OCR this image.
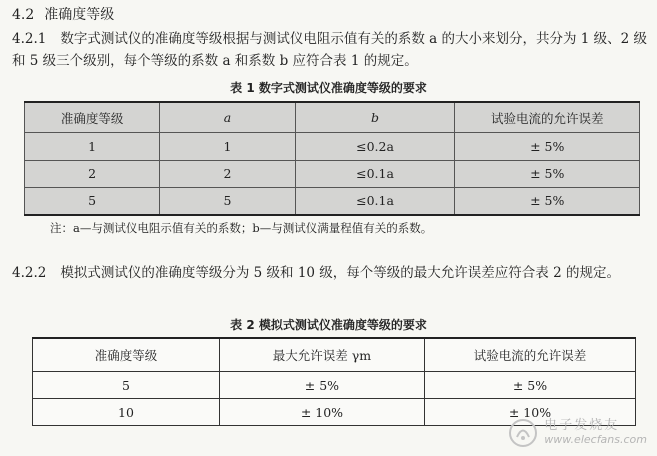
4.2 准确度等级
4.2.1 数字式测试仪的准确度等级根据与测试仪电阻示值有关的系数 a 的大小来划分，共分为 1 级、2 级和 5 级三个级别，每个等级的系数 a 和系数 b 应符合表 1 的规定。
表 1 数字式测试仪准确度等级的要求
准确度等级	a	b	试验电流的允许误差
1	1	≤0.2a	± 5%
2	2	≤0.1a	± 5%
5	5	≤0.1a	± 5%
注：a—与测试仪电阻示值有关的系数；b—与测试仪满量程值有关的系数。
4.2.2 模拟式测试仪的准确度等级分为 5 级和 10 级，每个等级的最大允许误差应符合表 2 的规定。
表 2 模拟式测试仪准确度等级的要求
准确度等级	最大允许误差 γm	试验电流的允许误差
5	± 5%	± 5%
10	± 10%	± 10%
电子发烧友
www.elecfans.com
